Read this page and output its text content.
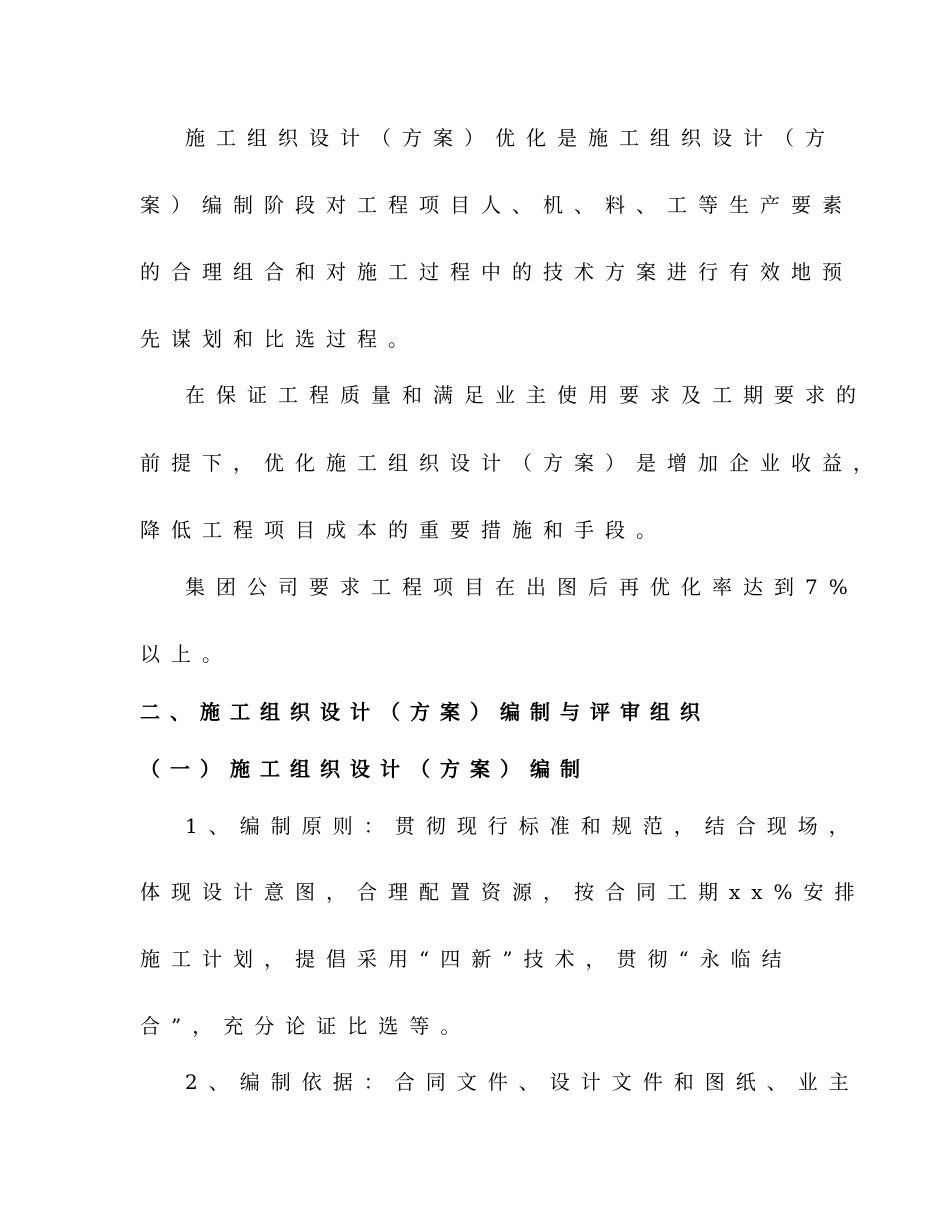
施工组织设计（方案）优化是施工组织设计（方
案）编制阶段对工程项目人、机、料、工等生产要素
的合理组合和对施工过程中的技术方案进行有效地预
先谋划和比选过程。
在保证工程质量和满足业主使用要求及工期要求的
前提下，优化施工组织设计（方案）是增加企业收益，
降低工程项目成本的重要措施和手段。
集团公司要求工程项目在出图后再优化率达到7%
以上。
二、施工组织设计（方案）编制与评审组织
（一）施工组织设计（方案）编制
1、编制原则：贯彻现行标准和规范，结合现场，
体现设计意图，合理配置资源，按合同工期xx%安排
施工计划，提倡采用“四新”技术，贯彻“永临结
合”，充分论证比选等。
2、编制依据：合同文件、设计文件和图纸、业主
